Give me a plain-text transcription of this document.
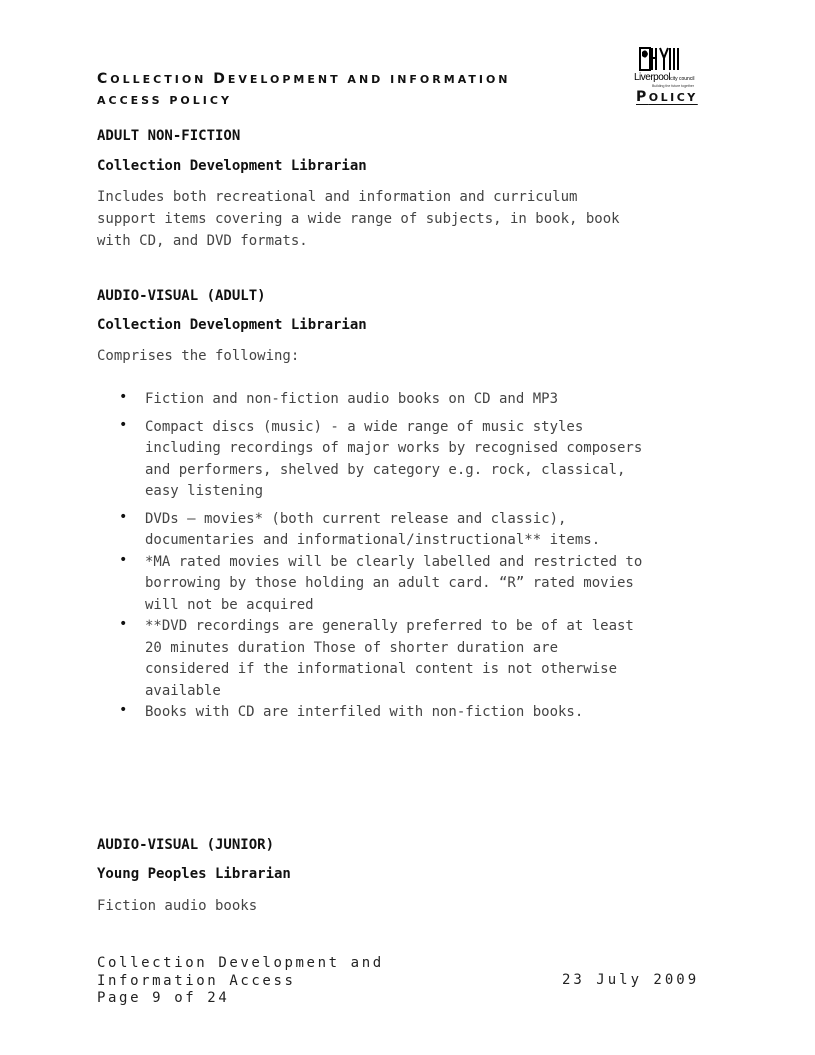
COLLECTION DEVELOPMENT AND INFORMATION
ACCESS POLICY
Liverpoolcity council
Building the future together
POLICY
ADULT NON-FICTION
Collection Development Librarian
Includes both recreational and information and curriculum
support items covering a wide range of subjects, in book, book
with CD, and DVD formats.
AUDIO-VISUAL (ADULT)
Collection Development Librarian
Comprises the following:
• Fiction and non-fiction audio books on CD and MP3
• Compact discs (music) - a wide range of music styles
including recordings of major works by recognised composers
and performers, shelved by category e.g. rock, classical,
easy listening
• DVDs – movies* (both current release and classic),
documentaries and informational/instructional** items.
• *MA rated movies will be clearly labelled and restricted to
borrowing by those holding an adult card. “R” rated movies
will not be acquired
• **DVD recordings are generally preferred to be of at least
20 minutes duration Those of shorter duration are
considered if the informational content is not otherwise
available
• Books with CD are interfiled with non-fiction books.
AUDIO-VISUAL (JUNIOR)
Young Peoples Librarian
Fiction audio books
Collection Development and
Information Access
Page 9 of 24
23 July 2009
